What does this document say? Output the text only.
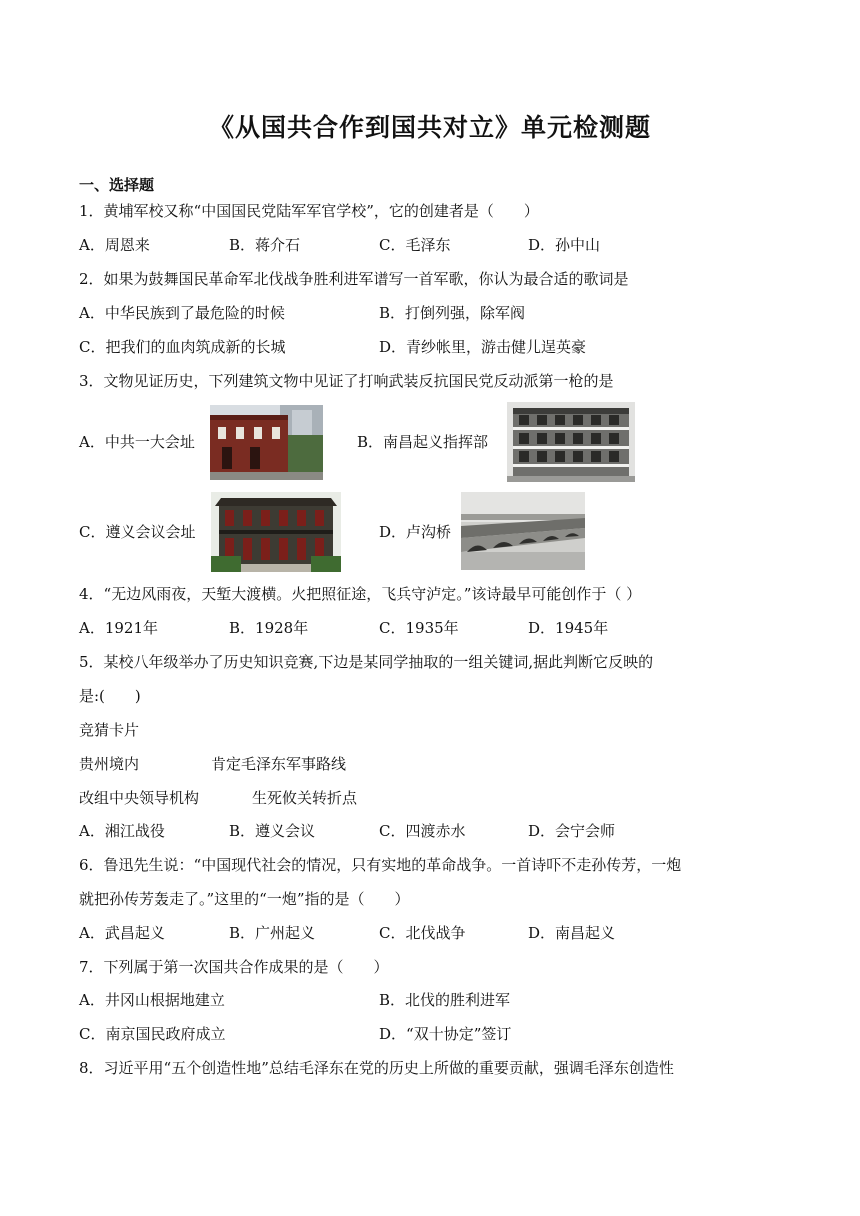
《从国共合作到国共对立》单元检测题
一、选择题
1．黄埔军校又称“中国国民党陆军军官学校”，它的创建者是（　　）
A．周恩来	B．蒋介石	C．毛泽东	D．孙中山
2．如果为鼓舞国民革命军北伐战争胜利进军谱写一首军歌，你认为最合适的歌词是
A．中华民族到了最危险的时候	B．打倒列强，除军阀
C．把我们的血肉筑成新的长城	D．青纱帐里，游击健儿逞英豪
3．文物见证历史，下列建筑文物中见证了打响武装反抗国民党反动派第一枪的是
A．中共一大会址	B．南昌起义指挥部
C．遵义会议会址	D．卢沟桥
4．“无边风雨夜，天堑大渡横。火把照征途，飞兵守泸定。”该诗最早可能创作于（ ）
A．1921年	B．1928年	C．1935年	D．1945年
5．某校八年级举办了历史知识竞赛,下边是某同学抽取的一组关键词,据此判断它反映的
是:(　　)
竞猜卡片
贵州境内	肯定毛泽东军事路线
改组中央领导机构	生死攸关转折点
A．湘江战役	B．遵义会议	C．四渡赤水	D．会宁会师
6．鲁迅先生说：“中国现代社会的情况，只有实地的革命战争。一首诗吓不走孙传芳，一炮
就把孙传芳轰走了。”这里的“一炮”指的是（　　）
A．武昌起义	B．广州起义	C．北伐战争	D．南昌起义
7．下列属于第一次国共合作成果的是（　　）
A．井冈山根据地建立	B．北伐的胜利进军
C．南京国民政府成立	D．“双十协定”签订
8．习近平用“五个创造性地”总结毛泽东在党的历史上所做的重要贡献，强调毛泽东创造性
